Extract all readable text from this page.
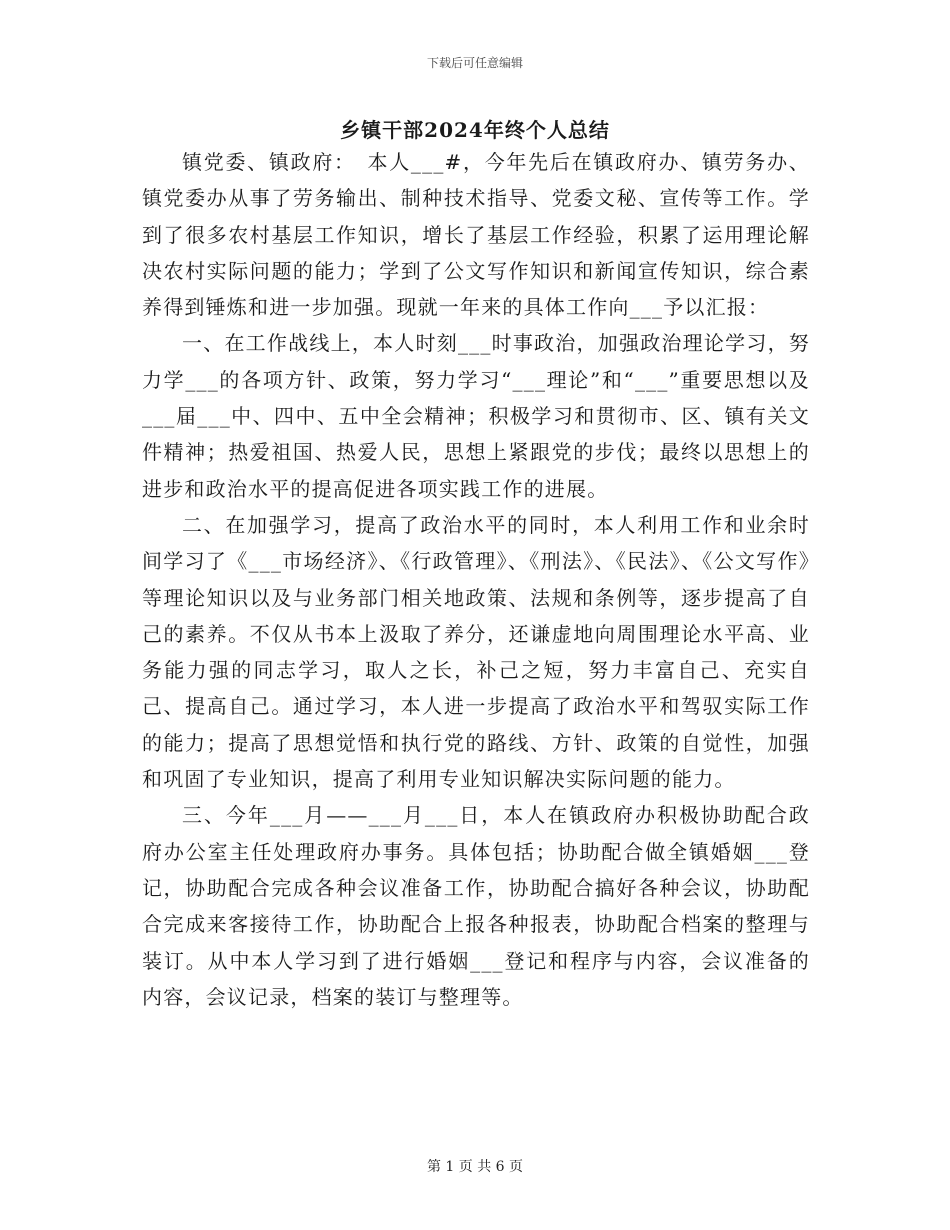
下载后可任意编辑
乡镇干部2024年终个人总结

镇党委、镇政府：　本人___#，今年先后在镇政府办、镇劳务办、镇党委办从事了劳务输出、制种技术指导、党委文秘、宣传等工作。学到了很多农村基层工作知识，增长了基层工作经验，积累了运用理论解决农村实际问题的能力；学到了公文写作知识和新闻宣传知识，综合素养得到锤炼和进一步加强。现就一年来的具体工作向___予以汇报：

一、在工作战线上，本人时刻___时事政治，加强政治理论学习，努力学___的各项方针、政策，努力学习“___理论”和“___”重要思想以及___届___中、四中、五中全会精神；积极学习和贯彻市、区、镇有关文件精神；热爱祖国、热爱人民，思想上紧跟党的步伐；最终以思想上的进步和政治水平的提高促进各项实践工作的进展。

二、在加强学习，提高了政治水平的同时，本人利用工作和业余时间学习了《___市场经济》、《行政管理》、《刑法》、《民法》、《公文写作》等理论知识以及与业务部门相关地政策、法规和条例等，逐步提高了自己的素养。不仅从书本上汲取了养分，还谦虚地向周围理论水平高、业务能力强的同志学习，取人之长，补己之短，努力丰富自己、充实自己、提高自己。通过学习，本人进一步提高了政治水平和驾驭实际工作的能力；提高了思想觉悟和执行党的路线、方针、政策的自觉性，加强和巩固了专业知识，提高了利用专业知识解决实际问题的能力。

三、今年___月——___月___日，本人在镇政府办积极协助配合政府办公室主任处理政府办事务。具体包括；协助配合做全镇婚姻___登记，协助配合完成各种会议准备工作，协助配合搞好各种会议，协助配合完成来客接待工作，协助配合上报各种报表，协助配合档案的整理与装订。从中本人学习到了进行婚姻___登记和程序与内容，会议准备的内容，会议记录，档案的装订与整理等。

第 1 页 共 6 页
